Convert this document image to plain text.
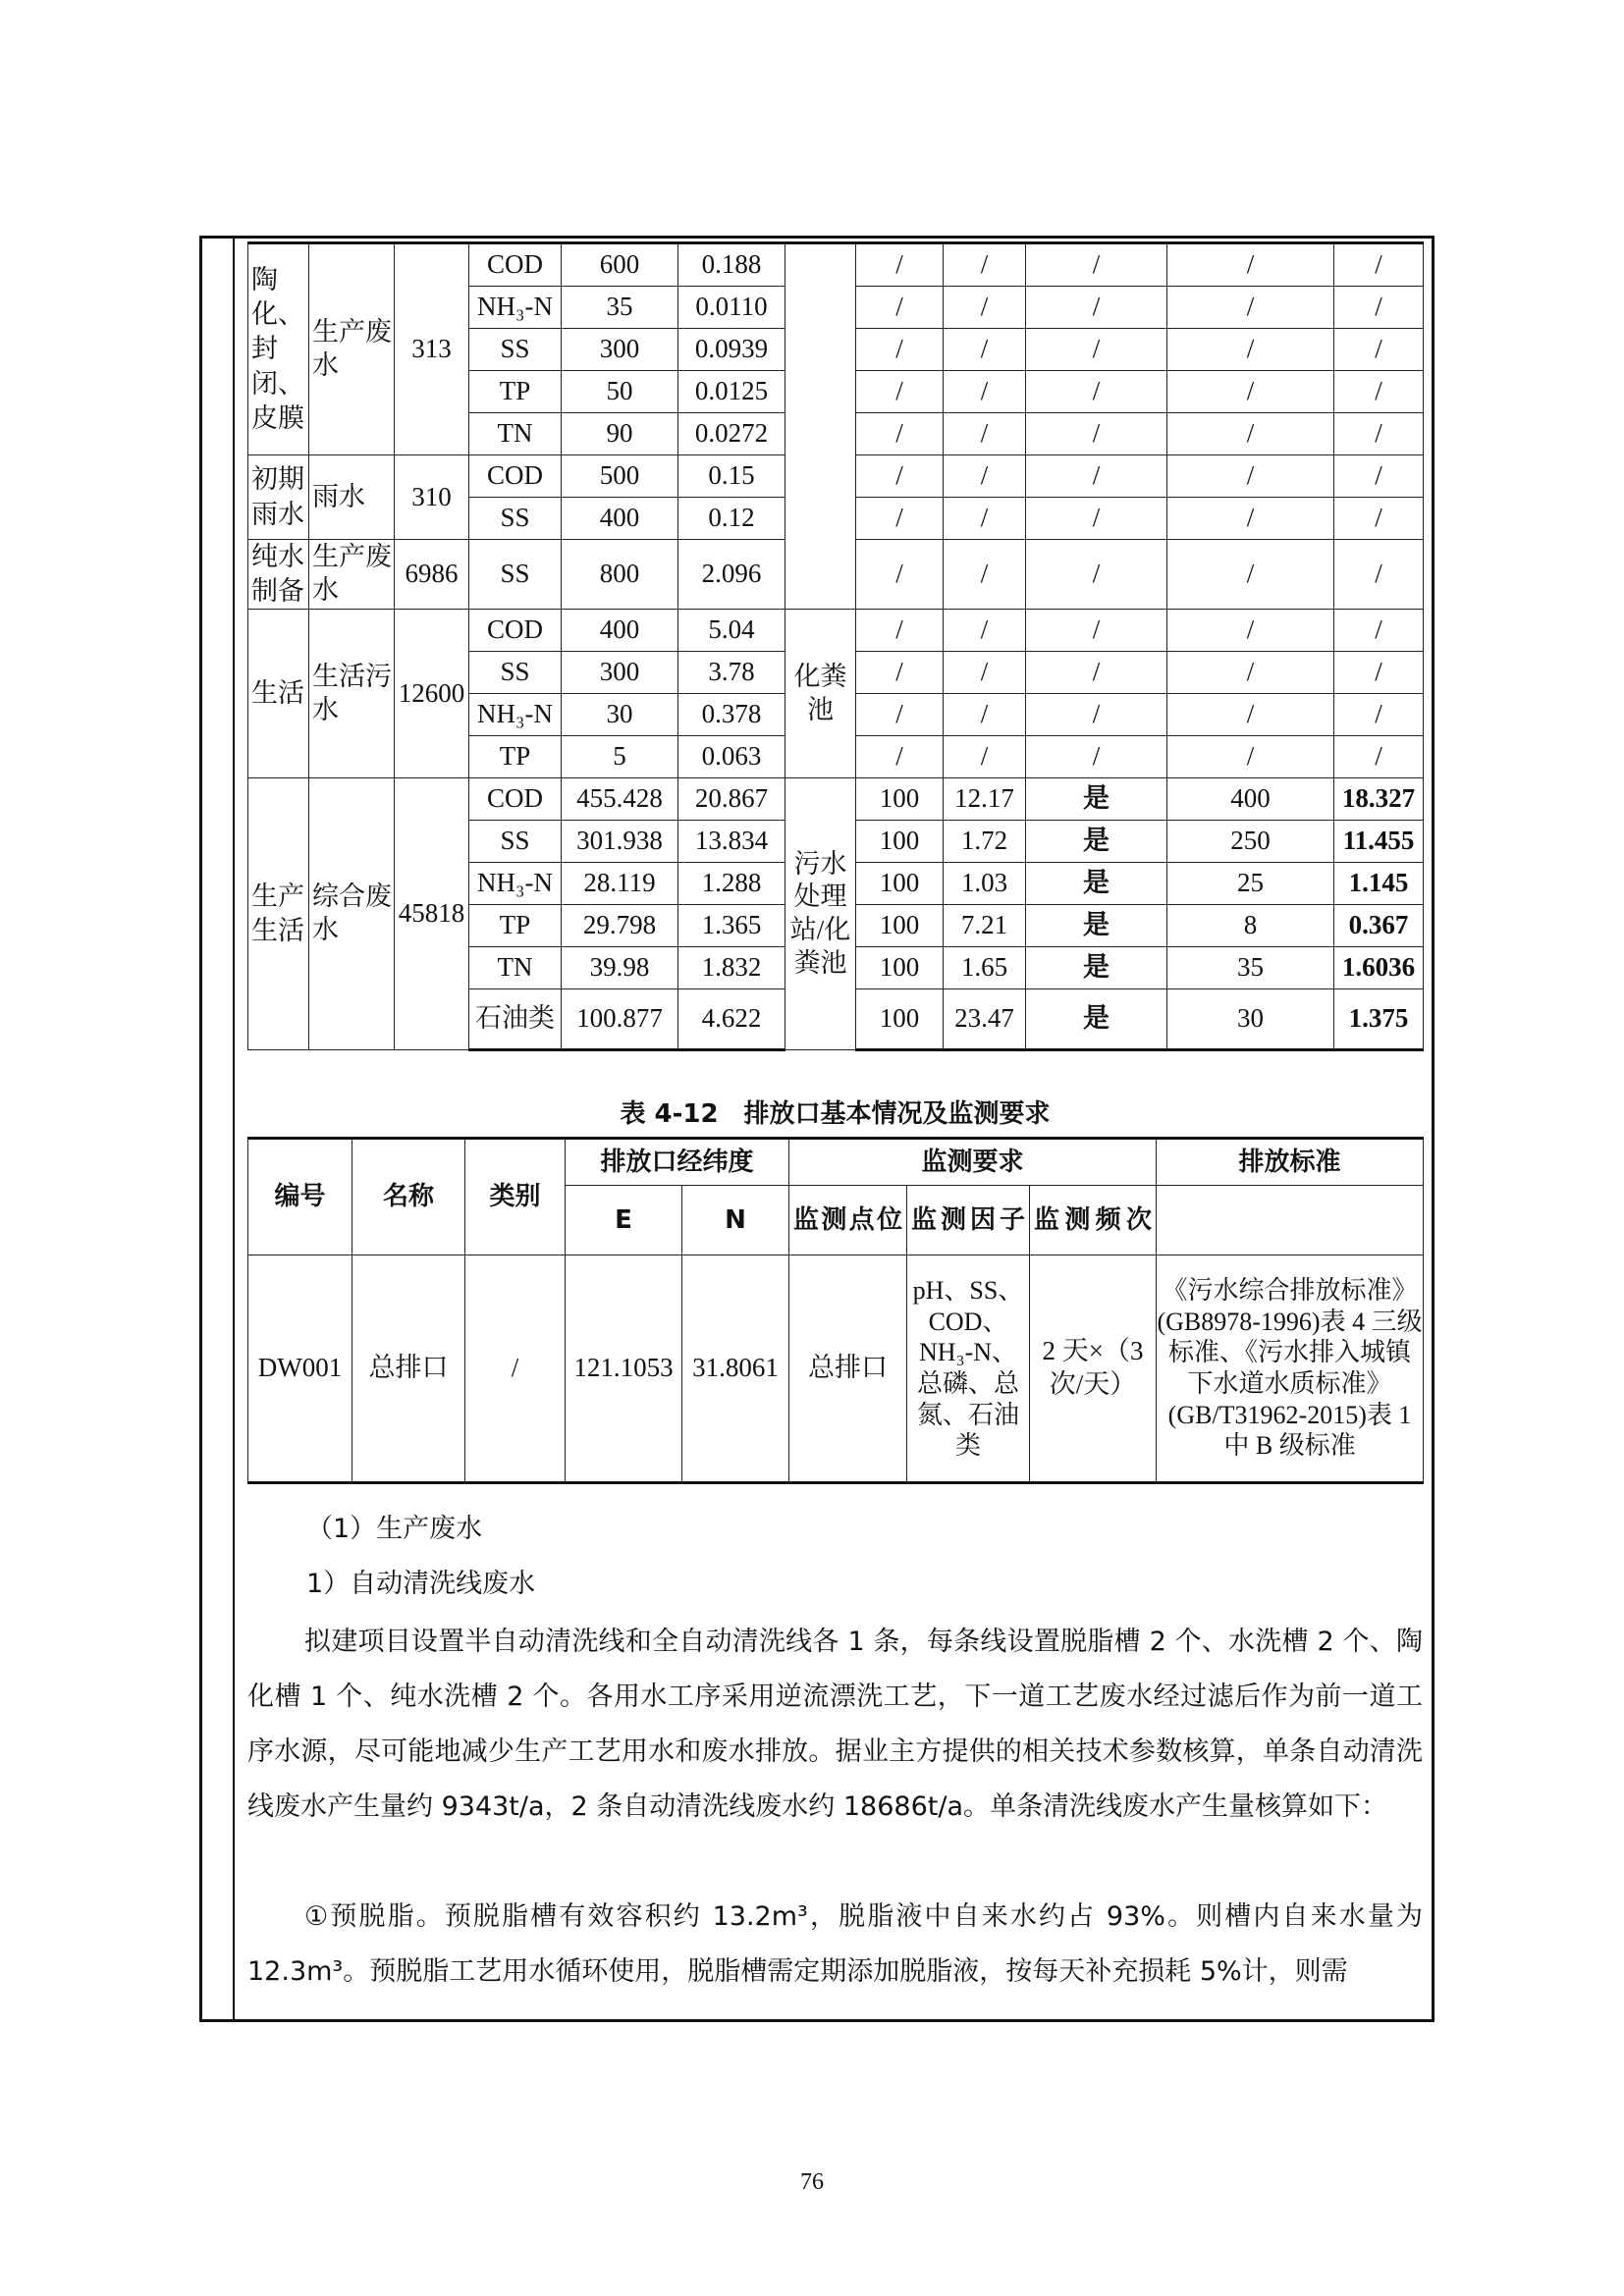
陶化、封闭、皮膜	生产废水	313	COD	600	0.188		/	/	/	/	/
			NH₃-N	35	0.0110		/	/	/	/	/
			SS	300	0.0939		/	/	/	/	/
			TP	50	0.0125		/	/	/	/	/
			TN	90	0.0272		/	/	/	/	/
初期雨水	雨水	310	COD	500	0.15		/	/	/	/	/
			SS	400	0.12		/	/	/	/	/
纯水制备	生产废水	6986	SS	800	2.096		/	/	/	/	/
生活	生活污水	12600	COD	400	5.04	化粪池	/	/	/	/	/
			SS	300	3.78		/	/	/	/	/
			NH₃-N	30	0.378		/	/	/	/	/
			TP	5	0.063		/	/	/	/	/
生产生活	综合废水	45818	COD	455.428	20.867	污水处理站/化粪池	100	12.17	是	400	18.327
			SS	301.938	13.834		100	1.72	是	250	11.455
			NH₃-N	28.119	1.288		100	1.03	是	25	1.145
			TP	29.798	1.365		100	7.21	是	8	0.367
			TN	39.98	1.832		100	1.65	是	35	1.6036
			石油类	100.877	4.622		100	23.47	是	30	1.375
表 4-12　排放口基本情况及监测要求
编号	名称	类别	排放口经纬度		监测要求			排放标准
			E	N	监测点位	监测因子	监测频次	
DW001	总排口	/	121.1053	31.8061	总排口	pH、SS、COD、NH₃-N、总磷、总氮、石油类	2 天×（3 次/天）	《污水综合排放标准》(GB8978-1996)表 4 三级标准、《污水排入城镇下水道水质标准》(GB/T31962-2015)表 1 中 B 级标准
（1）生产废水
1）自动清洗线废水
拟建项目设置半自动清洗线和全自动清洗线各 1 条，每条线设置脱脂槽 2 个、水洗槽 2 个、陶化槽 1 个、纯水洗槽 2 个。各用水工序采用逆流漂洗工艺，下一道工艺废水经过滤后作为前一道工序水源，尽可能地减少生产工艺用水和废水排放。据业主方提供的相关技术参数核算，单条自动清洗线废水产生量约 9343t/a，2 条自动清洗线废水约 18686t/a。单条清洗线废水产生量核算如下：
①预脱脂。预脱脂槽有效容积约 13.2m³，脱脂液中自来水约占 93%。则槽内自来水量为 12.3m³。预脱脂工艺用水循环使用，脱脂槽需定期添加脱脂液，按每天补充损耗 5%计，则需
76
